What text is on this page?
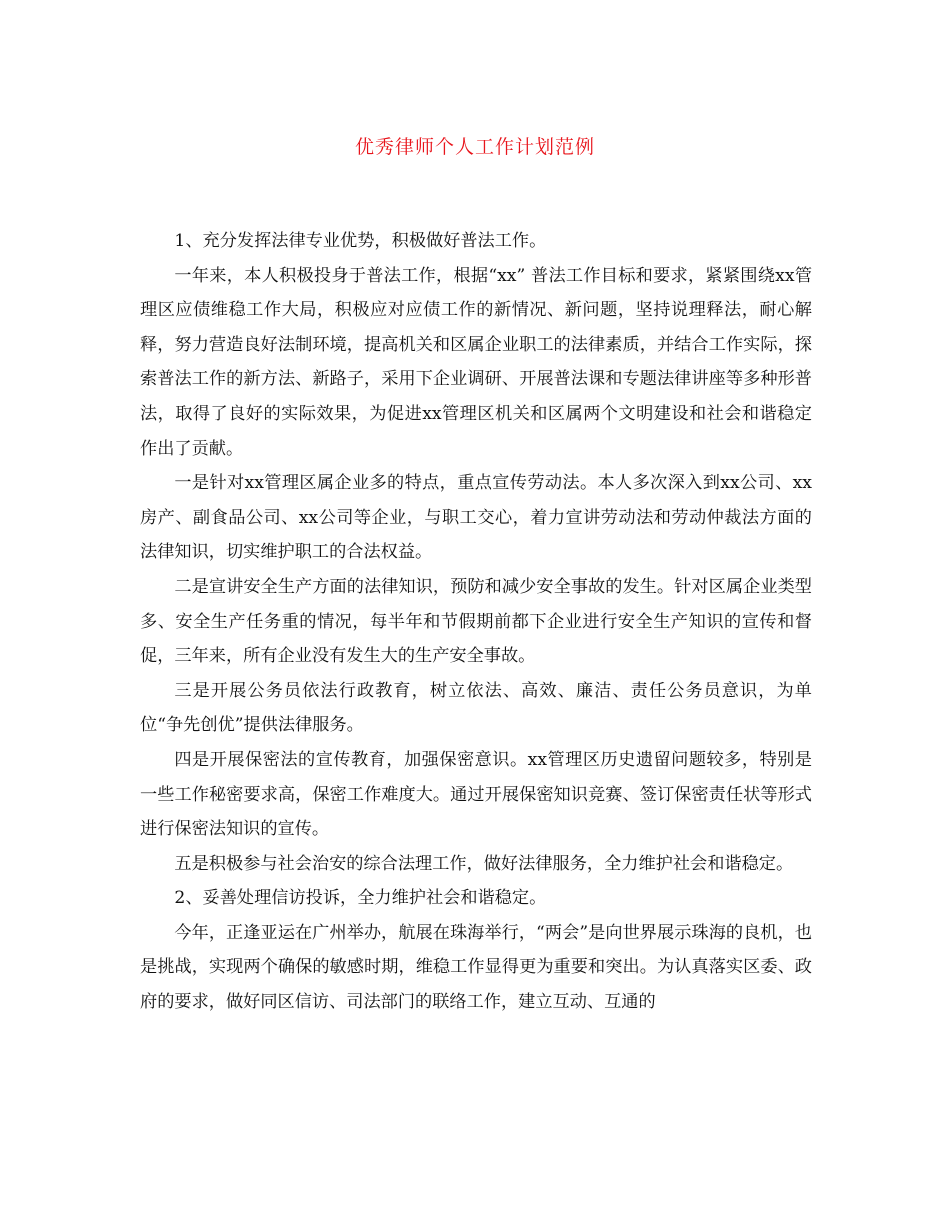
优秀律师个人工作计划范例

1、充分发挥法律专业优势，积极做好普法工作。

一年来，本人积极投身于普法工作，根据“xx” 普法工作目标和要求，紧紧围绕xx管理区应债维稳工作大局，积极应对应债工作的新情况、新问题，坚持说理释法，耐心解释，努力营造良好法制环境，提高机关和区属企业职工的法律素质，并结合工作实际，探索普法工作的新方法、新路子，采用下企业调研、开展普法课和专题法律讲座等多种形普法，取得了良好的实际效果，为促进xx管理区机关和区属两个文明建设和社会和谐稳定作出了贡献。

一是针对xx管理区属企业多的特点，重点宣传劳动法。本人多次深入到xx公司、xx房产、副食品公司、xx公司等企业，与职工交心，着力宣讲劳动法和劳动仲裁法方面的法律知识，切实维护职工的合法权益。

二是宣讲安全生产方面的法律知识，预防和减少安全事故的发生。针对区属企业类型多、安全生产任务重的情况，每半年和节假期前都下企业进行安全生产知识的宣传和督促，三年来，所有企业没有发生大的生产安全事故。

三是开展公务员依法行政教育，树立依法、高效、廉洁、责任公务员意识，为单位“争先创优”提供法律服务。

四是开展保密法的宣传教育，加强保密意识。xx管理区历史遗留问题较多，特别是一些工作秘密要求高，保密工作难度大。通过开展保密知识竞赛、签订保密责任状等形式进行保密法知识的宣传。

五是积极参与社会治安的综合法理工作，做好法律服务，全力维护社会和谐稳定。

2、妥善处理信访投诉，全力维护社会和谐稳定。

今年，正逢亚运在广州举办，航展在珠海举行，“两会”是向世界展示珠海的良机，也是挑战，实现两个确保的敏感时期，维稳工作显得更为重要和突出。为认真落实区委、政府的要求，做好同区信访、司法部门的联络工作，建立互动、互通的
